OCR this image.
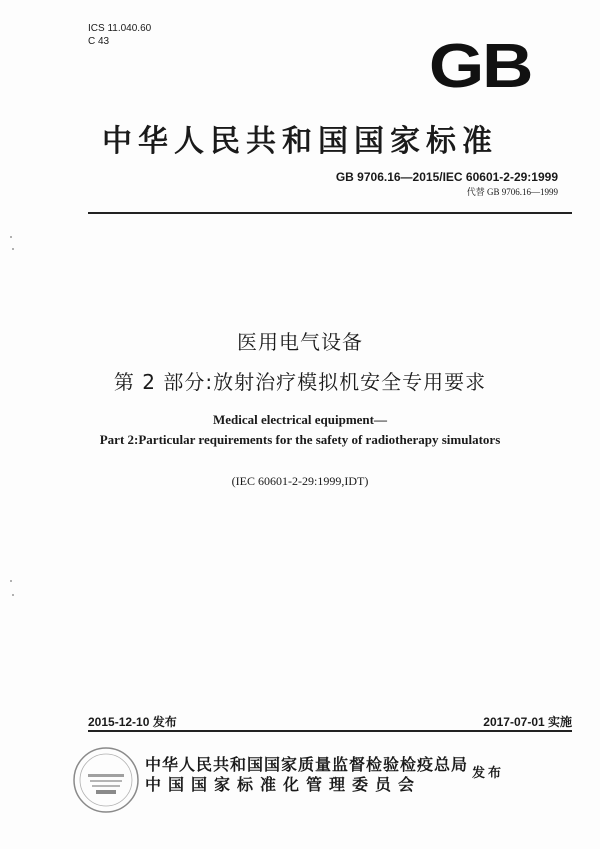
ICS 11.040.60
C 43	GB
中华人民共和国国家标准
GB 9706.16—2015/IEC 60601-2-29:1999
代替 GB 9706.16—1999
医用电气设备
第 2 部分:放射治疗模拟机安全专用要求
Medical electrical equipment—
Part 2:Particular requirements for the safety of radiotherapy simulators
(IEC 60601-2-29:1999,IDT)
2015-12-10 发布	2017-07-01 实施
中华人民共和国国家质量监督检验检疫总局
中国国家标准化管理委员会
发布
